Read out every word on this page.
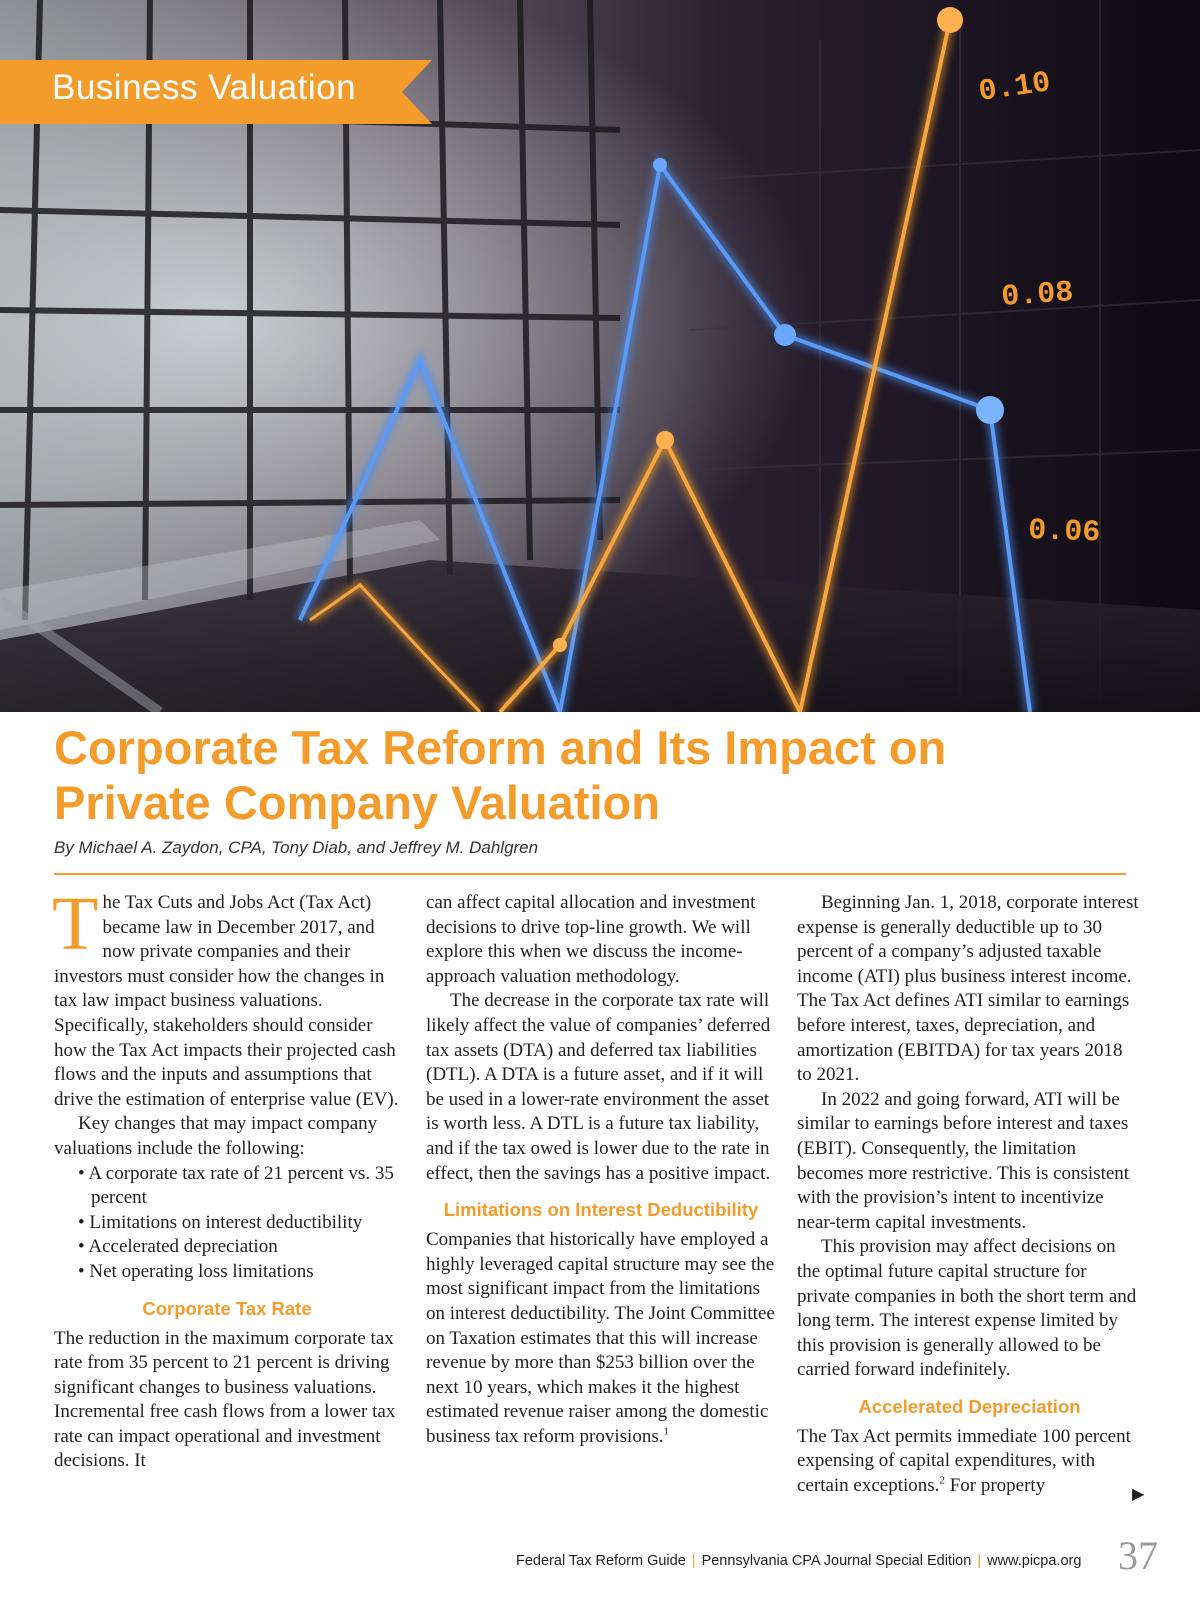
0.10
0.08
0.06
Business Valuation
Corporate Tax Reform and Its Impact on
Private Company Valuation
By Michael A. Zaydon, CPA, Tony Diab, and Jeffrey M. Dahlgren

The Tax Cuts and Jobs Act (Tax Act) became law in December 2017, and now private companies and their investors must consider how the changes in tax law impact business valuations. Specifically, stakeholders should consider how the Tax Act impacts their projected cash flows and the inputs and assumptions that drive the estimation of enterprise value (EV).

Key changes that may impact company valuations include the following:

• A corporate tax rate of 21 percent vs. 35 percent
• Limitations on interest deductibility
• Accelerated depreciation
• Net operating loss limitations

Corporate Tax Rate

The reduction in the maximum corporate tax rate from 35 percent to 21 percent is driving significant changes to business valuations. Incremental free cash flows from a lower tax rate can impact operational and investment decisions. It

can affect capital allocation and investment decisions to drive top-line growth. We will explore this when we discuss the income-approach valuation methodology.

The decrease in the corporate tax rate will likely affect the value of companies’ deferred tax assets (DTA) and deferred tax liabilities (DTL). A DTA is a future asset, and if it will be used in a lower-rate environment the asset is worth less. A DTL is a future tax liability, and if the tax owed is lower due to the rate in effect, then the savings has a positive impact.

Limitations on Interest Deductibility

Companies that historically have employed a highly leveraged capital structure may see the most significant impact from the limitations on interest deductibility. The Joint Committee on Taxation estimates that this will increase revenue by more than $253 billion over the next 10 years, which makes it the highest estimated revenue raiser among the domestic business tax reform provisions.$^1$

Beginning Jan. 1, 2018, corporate interest expense is generally deductible up to 30 percent of a company’s adjusted taxable income (ATI) plus business interest income. The Tax Act defines ATI similar to earnings before interest, taxes, depreciation, and amortization (EBITDA) for tax years 2018 to 2021.

In 2022 and going forward, ATI will be similar to earnings before interest and taxes (EBIT). Consequently, the limitation becomes more restrictive. This is consistent with the provision’s intent to incentivize near-term capital investments.

This provision may affect decisions on the optimal future capital structure for private companies in both the short term and long term. The interest expense limited by this provision is generally allowed to be carried forward indefinitely.

Accelerated Depreciation

The Tax Act permits immediate 100 percent expensing of capital expenditures, with certain exceptions.$^2$ For property	▶
Federal Tax Reform Guide | Pennsylvania CPA Journal Special Edition | www.picpa.org 37
